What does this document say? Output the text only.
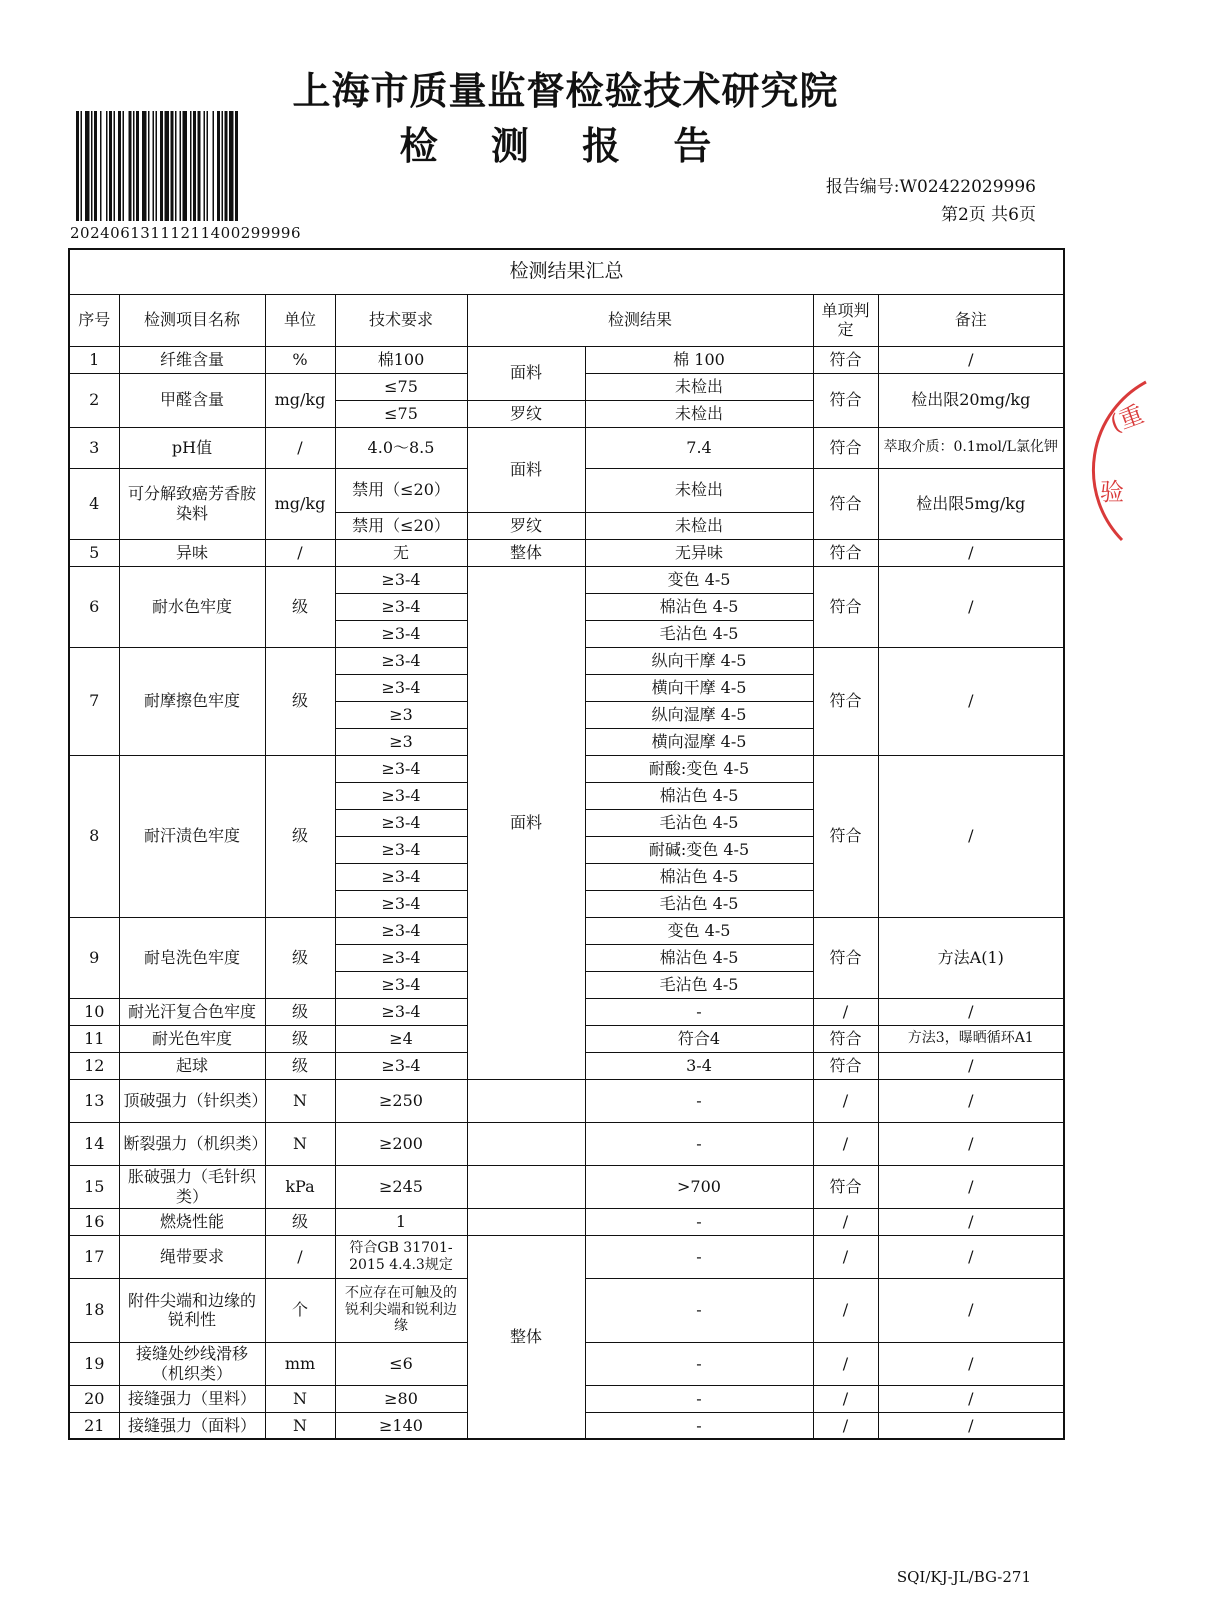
上海市质量监督检验技术研究院
检 测 报 告
20240613111211400299996
报告编号:W02422029996
第2页 共6页
检测结果汇总							
序号	检测项目名称	单位	技术要求	检测结果		单项判定	备注
1	纤维含量	%	棉100	面料	棉 100	符合	/
2	甲醛含量	mg/kg	≤75		未检出	符合	检出限20mg/kg
			≤75	罗纹	未检出		
3	pH值	/	4.0～8.5	面料	7.4	符合	萃取介质：0.1mol/L氯化钾
4	可分解致癌芳香胺染料	mg/kg	禁用（≤20）		未检出	符合	检出限5mg/kg
			禁用（≤20）	罗纹	未检出		
5	异味	/	无	整体	无异味	符合	/
6	耐水色牢度	级	≥3-4	面料	变色 4-5	符合	/
			≥3-4		棉沾色 4-5		
			≥3-4		毛沾色 4-5		
7	耐摩擦色牢度	级	≥3-4		纵向干摩 4-5	符合	/
			≥3-4		横向干摩 4-5		
			≥3		纵向湿摩 4-5		
			≥3		横向湿摩 4-5		
8	耐汗渍色牢度	级	≥3-4		耐酸:变色 4-5	符合	/
			≥3-4		棉沾色 4-5		
			≥3-4		毛沾色 4-5		
			≥3-4		耐碱:变色 4-5		
			≥3-4		棉沾色 4-5		
			≥3-4		毛沾色 4-5		
9	耐皂洗色牢度	级	≥3-4		变色 4-5	符合	方法A(1)
			≥3-4		棉沾色 4-5		
			≥3-4		毛沾色 4-5		
10	耐光汗复合色牢度	级	≥3-4		-	/	/
11	耐光色牢度	级	≥4		符合4	符合	方法3，曝晒循环A1
12	起球	级	≥3-4		3-4	符合	/
13	顶破强力（针织类）	N	≥250		-	/	/
14	断裂强力（机织类）	N	≥200		-	/	/
15	胀破强力（毛针织类）	kPa	≥245		>700	符合	/
16	燃烧性能	级	1		-	/	/
17	绳带要求	/	符合GB 31701-2015 4.4.3规定	整体	-	/	/
18	附件尖端和边缘的锐利性	个	不应存在可触及的锐利尖端和锐利边缘		-	/	/
19	接缝处纱线滑移（机织类）	mm	≤6		-	/	/
20	接缝强力（里料）	N	≥80		-	/	/
21	接缝强力（面料）	N	≥140		-	/	/
(重
验
SQI/KJ-JL/BG-271
